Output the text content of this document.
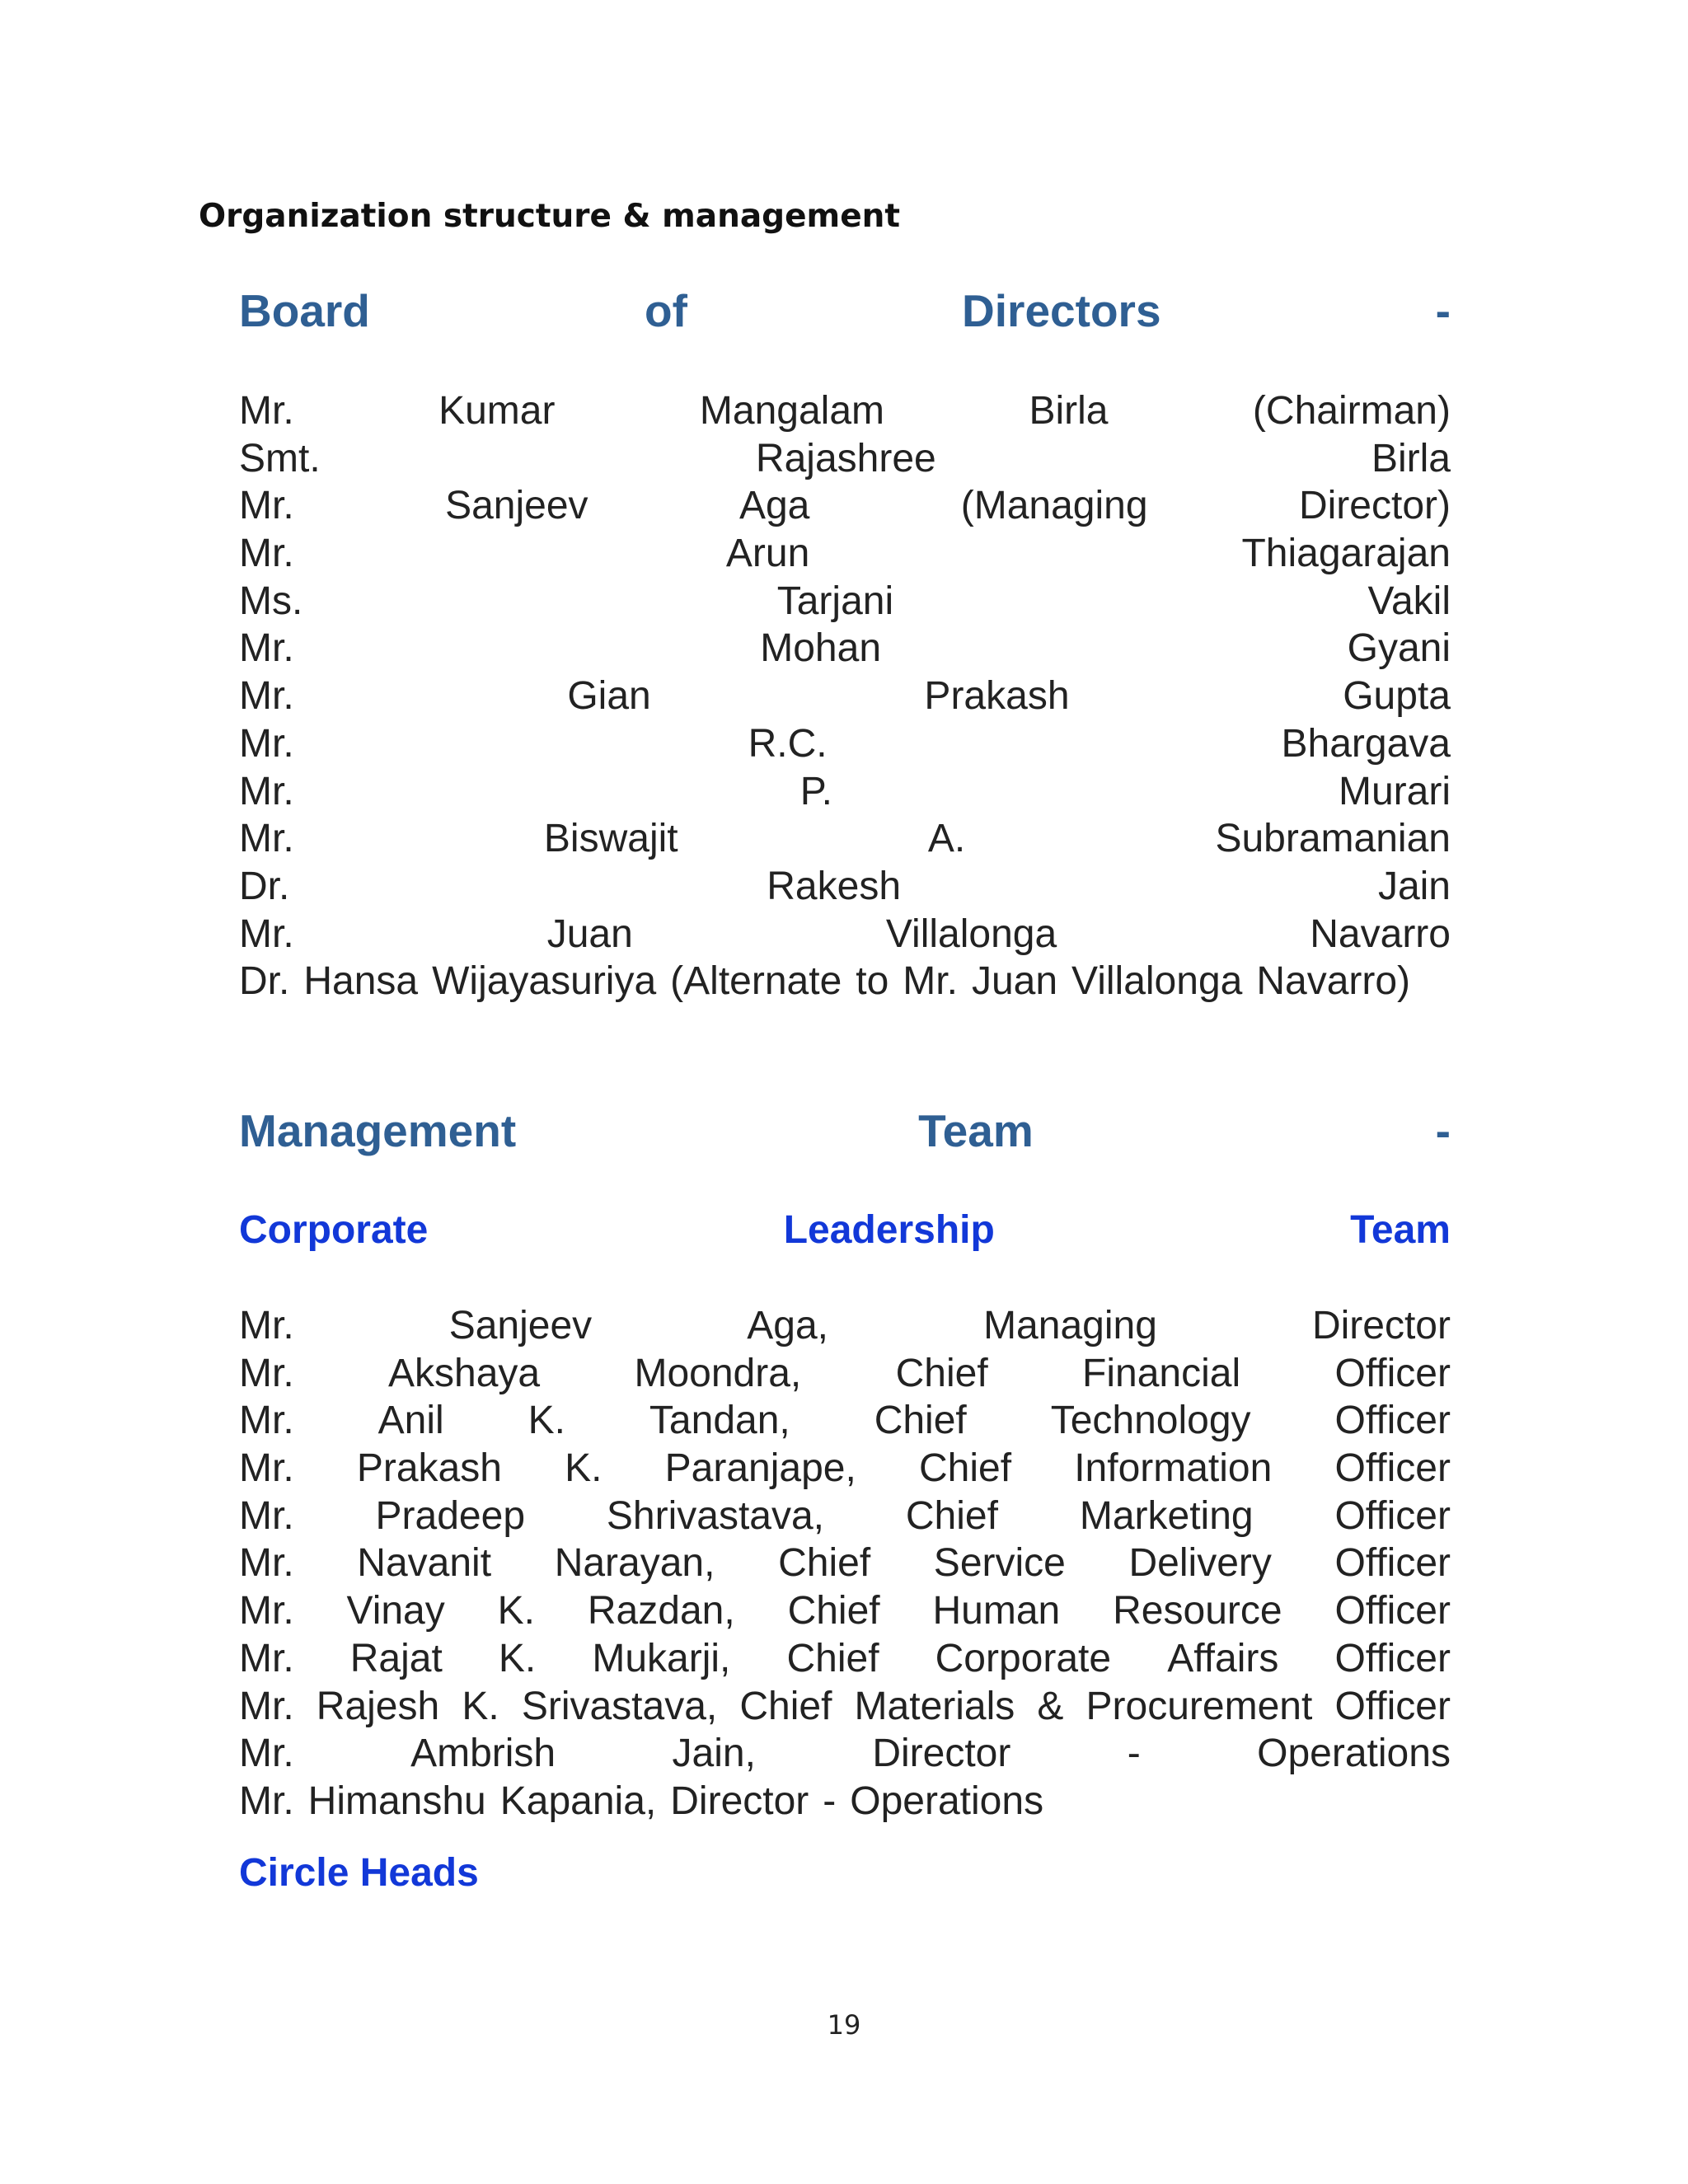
Organization structure & management
Board	of	Directors	-
Mr.	Kumar	Mangalam	Birla	(Chairman)
Smt.	Rajashree	Birla
Mr.	Sanjeev	Aga	(Managing	Director)
Mr.	Arun	Thiagarajan
Ms.	Tarjani	Vakil
Mr.	Mohan	Gyani
Mr.	Gian	Prakash	Gupta
Mr.	R.C.	Bhargava
Mr.	P.	Murari
Mr.	Biswajit	A.	Subramanian
Dr.	Rakesh	Jain
Mr.	Juan	Villalonga	Navarro
Dr. Hansa Wijayasuriya (Alternate to Mr. Juan Villalonga Navarro)
Management	Team	-
Corporate	Leadership	Team
Mr.	Sanjeev	Aga,	Managing	Director
Mr. Akshaya Moondra, Chief Financial Officer
Mr. Anil K. Tandan, Chief Technology Officer
Mr. Prakash K. Paranjape, Chief Information Officer
Mr. Pradeep Shrivastava, Chief Marketing Officer
Mr. Navanit Narayan, Chief Service Delivery Officer
Mr. Vinay K. Razdan, Chief Human Resource Officer
Mr. Rajat K. Mukarji, Chief Corporate Affairs Officer
Mr. Rajesh K. Srivastava, Chief Materials & Procurement Officer
Mr.	Ambrish	Jain,	Director	-	Operations
Mr. Himanshu Kapania, Director - Operations
Circle Heads
19
